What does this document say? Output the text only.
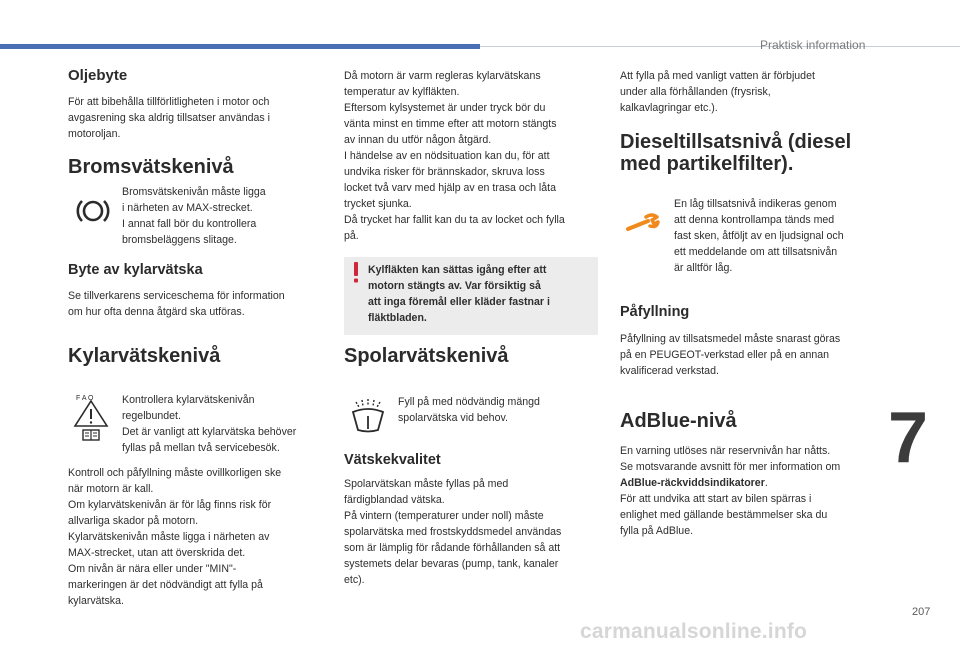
Praktisk information
7
207
carmanualsonline.info
Oljebyte
För att bibehålla tillförlitligheten i motor och
avgasrening ska aldrig tillsatser användas i
motoroljan.
Bromsvätskenivå
Bromsvätskenivån måste ligga
i närheten av MAX-strecket.
I annat fall bör du kontrollera
bromsbeläggens slitage.
Byte av kylarvätska
Se tillverkarens serviceschema för information
om hur ofta denna åtgärd ska utföras.
Kylarvätskenivå
F A O	Kontrollera kylarvätskenivån
regelbundet.
Det är vanligt att kylarvätska behöver
fyllas på mellan två servicebesök.
Kontroll och påfyllning måste ovillkorligen ske
när motorn är kall.
Om kylarvätskenivån är för låg finns risk för
allvarliga skador på motorn.
Kylarvätskenivån måste ligga i närheten av
MAX-strecket, utan att överskrida det.
Om nivån är nära eller under "MIN"-
markeringen är det nödvändigt att fylla på
kylarvätska.
Då motorn är varm regleras kylarvätskans
temperatur av kylfläkten.
Eftersom kylsystemet är under tryck bör du
vänta minst en timme efter att motorn stängts
av innan du utför någon åtgärd.
I händelse av en nödsituation kan du, för att
undvika risker för brännskador, skruva loss
locket två varv med hjälp av en trasa och låta
trycket sjunka.
Då trycket har fallit kan du ta av locket och fylla
på.
Kylfläkten kan sättas igång efter att
motorn stängts av. Var försiktig så
att inga föremål eller kläder fastnar i
fläktbladen.
Spolarvätskenivå
Fyll på med nödvändig mängd
spolarvätska vid behov.
Vätskekvalitet
Spolarvätskan måste fyllas på med
färdigblandad vätska.
På vintern (temperaturer under noll) måste
spolarvätska med frostskyddsmedel användas
som är lämplig för rådande förhållanden så att
systemets delar bevaras (pump, tank, kanaler
etc).
Att fylla på med vanligt vatten är förbjudet
under alla förhållanden (frysrisk,
kalkavlagringar etc.).
Dieseltillsatsnivå (diesel
med partikelfilter).
En låg tillsatsnivå indikeras genom
att denna kontrollampa tänds med
fast sken, åtföljt av en ljudsignal och
ett meddelande om att tillsatsnivån
är alltför låg.
Påfyllning
Påfyllning av tillsatsmedel måste snarast göras
på en PEUGEOT-verkstad eller på en annan
kvalificerad verkstad.
AdBlue-nivå
En varning utlöses när reservnivån har nåtts.
Se motsvarande avsnitt för mer information om
AdBlue-räckviddsindikatorer.
För att undvika att start av bilen spärras i
enlighet med gällande bestämmelser ska du
fylla på AdBlue.
